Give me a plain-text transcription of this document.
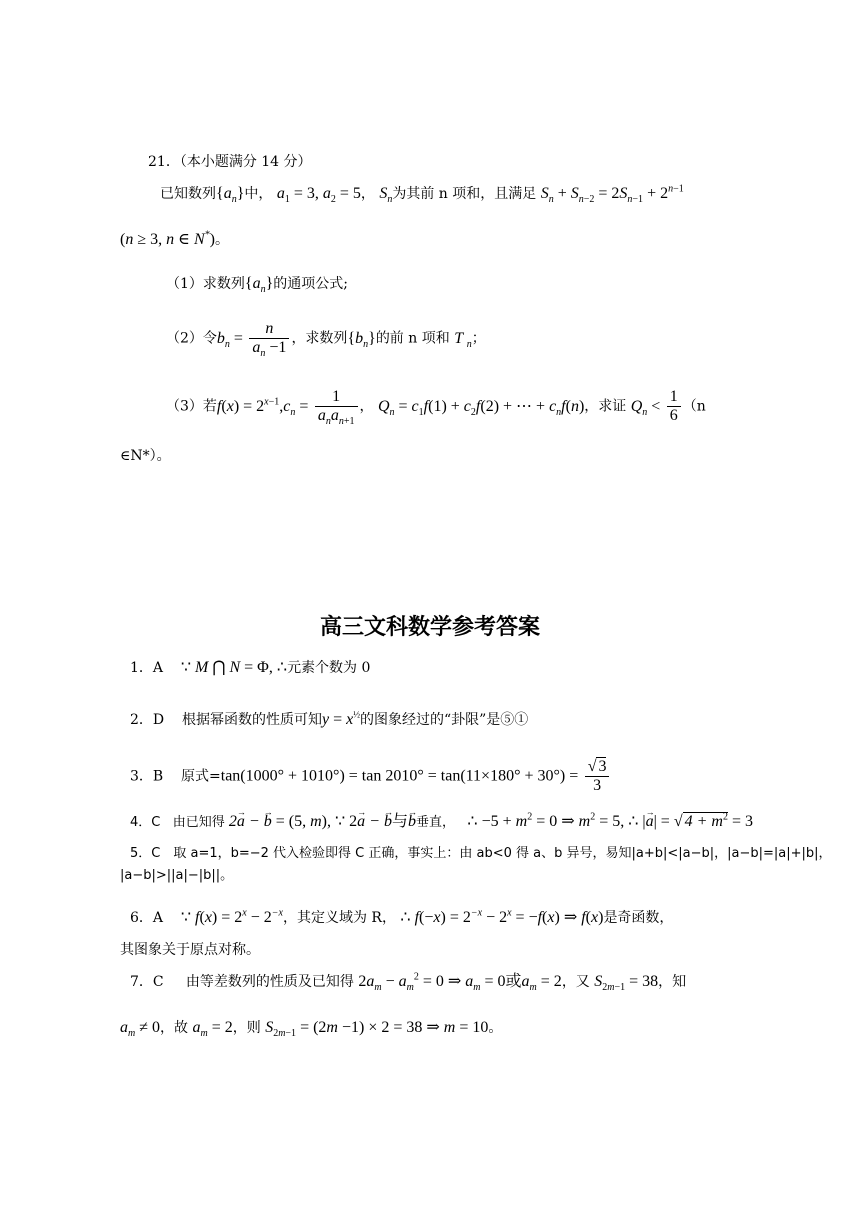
21．（本小题满分 14 分）
已知数列$\{a_n\}$中， $a_1 = 3$, $a_2 = 5$， $S_n$为其前 n 项和，且满足 $S_n + S_{n-2} = 2S_{n-1} + 2^{n-1}$
(n ≥ 3, n ∈ N*)。
（1）求数列$\{a_n\}$的通项公式;
（2）令$b_n = \frac{n}{a_n -1}$ ，求数列$\{b_n\}$的前 n 项和 T $_n$；
（3）若$f(x) = 2^{x-1},c_n = \frac{1}{a_na_{n+1}}$ ， $Q_n = c_1f(1) + c_2f(2)$ + ⋯ + $c_nf(n)$，求证 $Q_n < \frac{1}{6} (n$
∈N*）。
高三文科数学参考答案
1．A ∵ M ⋂ N = Φ, ∴元素个数为 0
2．D 根据幂函数的性质可知$y = x^{\frac{1}{2}}$的图象经过的“卦限”是⑤①
3．B 原式$=\tan(1000^\circ + 1010^\circ) = \tan 2010^\circ = \tan(11\times 180^\circ + 30^\circ) = \frac{√ 3}{3}$
4．C 由已知得 2→ a − → b = (5, m), ∵ 2→ a − → b与→ b垂直， ∴ $-5 + m^2 = 0$ ⇒ $m^2 = 5$, ∴ |→ a| = √ $4 + m^2 = 3$
5．C　取 a=1，b=−2 代入检验即得 C 正确，事实上：由 ab<0 得 a、b 异号，易知|a+b|<|a−b|，|a−b|=|a|+|b|，
|a−b|>||a|−|b||。
6．A ∵ $f(x) = 2^x - 2^{-x}$，其定义域为 R， ∴ $f(-x) = 2^{-x} - 2^x = -f(x)$ ⇒ f(x)是奇函数，
其图象关于原点对称。
7．C 由等差数列的性质及已知得 $2a_m - a_m^2 = 0$ ⇒ $a_m = 0$或$a_m = 2$，又 $S_{2m-1} = 38$，知
$a_m \ne 0$，故 $a_m = 2$，则 $S_{2m-1} = (2m -1) \times 2 = 38$ ⇒ m = 10。
